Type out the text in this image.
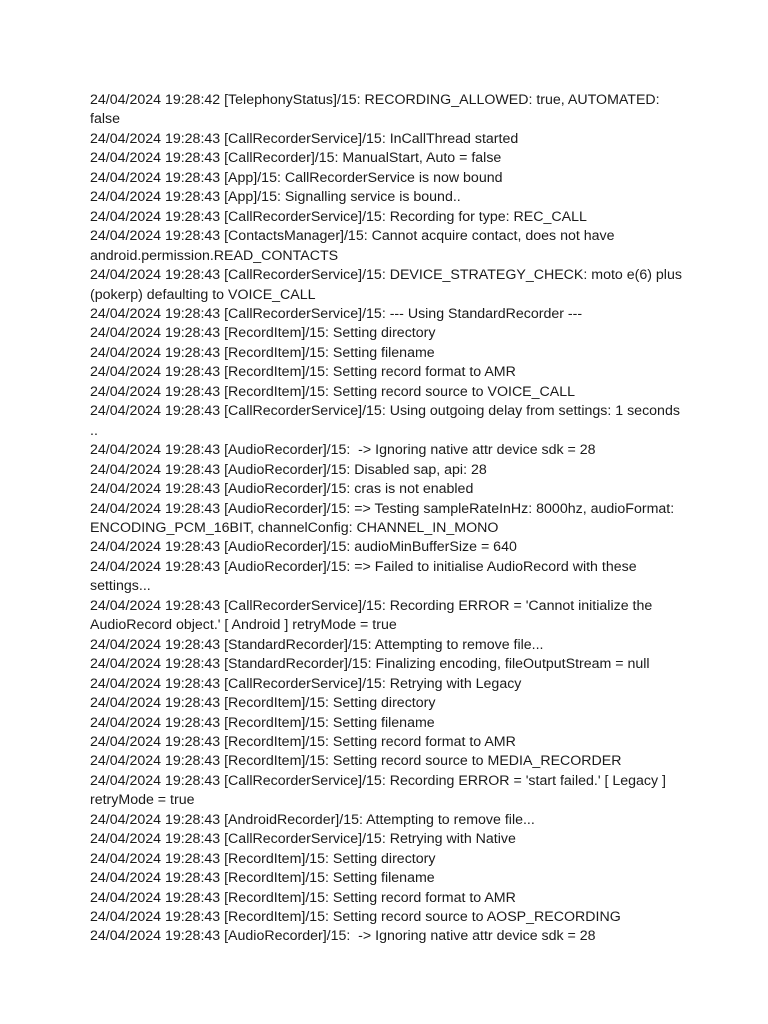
24/04/2024 19:28:42 [TelephonyStatus]/15: RECORDING_ALLOWED: true, AUTOMATED: false

24/04/2024 19:28:43 [CallRecorderService]/15: InCallThread started

24/04/2024 19:28:43 [CallRecorder]/15: ManualStart, Auto = false

24/04/2024 19:28:43 [App]/15: CallRecorderService is now bound

24/04/2024 19:28:43 [App]/15: Signalling service is bound..

24/04/2024 19:28:43 [CallRecorderService]/15: Recording for type: REC_CALL

24/04/2024 19:28:43 [ContactsManager]/15: Cannot acquire contact, does not have android.permission.READ_CONTACTS

24/04/2024 19:28:43 [CallRecorderService]/15: DEVICE_STRATEGY_CHECK: moto e(6) plus (pokerp) defaulting to VOICE_CALL

24/04/2024 19:28:43 [CallRecorderService]/15: --- Using StandardRecorder ---

24/04/2024 19:28:43 [RecordItem]/15: Setting directory

24/04/2024 19:28:43 [RecordItem]/15: Setting filename

24/04/2024 19:28:43 [RecordItem]/15: Setting record format to AMR

24/04/2024 19:28:43 [RecordItem]/15: Setting record source to VOICE_CALL

24/04/2024 19:28:43 [CallRecorderService]/15: Using outgoing delay from settings: 1 seconds ..

24/04/2024 19:28:43 [AudioRecorder]/15:  -> Ignoring native attr device sdk = 28

24/04/2024 19:28:43 [AudioRecorder]/15: Disabled sap, api: 28

24/04/2024 19:28:43 [AudioRecorder]/15: cras is not enabled

24/04/2024 19:28:43 [AudioRecorder]/15: => Testing sampleRateInHz: 8000hz, audioFormat: ENCODING_PCM_16BIT, channelConfig: CHANNEL_IN_MONO

24/04/2024 19:28:43 [AudioRecorder]/15: audioMinBufferSize = 640

24/04/2024 19:28:43 [AudioRecorder]/15: => Failed to initialise AudioRecord with these settings...

24/04/2024 19:28:43 [CallRecorderService]/15: Recording ERROR = 'Cannot initialize the AudioRecord object.' [ Android ] retryMode = true

24/04/2024 19:28:43 [StandardRecorder]/15: Attempting to remove file...

24/04/2024 19:28:43 [StandardRecorder]/15: Finalizing encoding, fileOutputStream = null

24/04/2024 19:28:43 [CallRecorderService]/15: Retrying with Legacy

24/04/2024 19:28:43 [RecordItem]/15: Setting directory

24/04/2024 19:28:43 [RecordItem]/15: Setting filename

24/04/2024 19:28:43 [RecordItem]/15: Setting record format to AMR

24/04/2024 19:28:43 [RecordItem]/15: Setting record source to MEDIA_RECORDER

24/04/2024 19:28:43 [CallRecorderService]/15: Recording ERROR = 'start failed.' [ Legacy ] retryMode = true

24/04/2024 19:28:43 [AndroidRecorder]/15: Attempting to remove file...

24/04/2024 19:28:43 [CallRecorderService]/15: Retrying with Native

24/04/2024 19:28:43 [RecordItem]/15: Setting directory

24/04/2024 19:28:43 [RecordItem]/15: Setting filename

24/04/2024 19:28:43 [RecordItem]/15: Setting record format to AMR

24/04/2024 19:28:43 [RecordItem]/15: Setting record source to AOSP_RECORDING

24/04/2024 19:28:43 [AudioRecorder]/15:  -> Ignoring native attr device sdk = 28
